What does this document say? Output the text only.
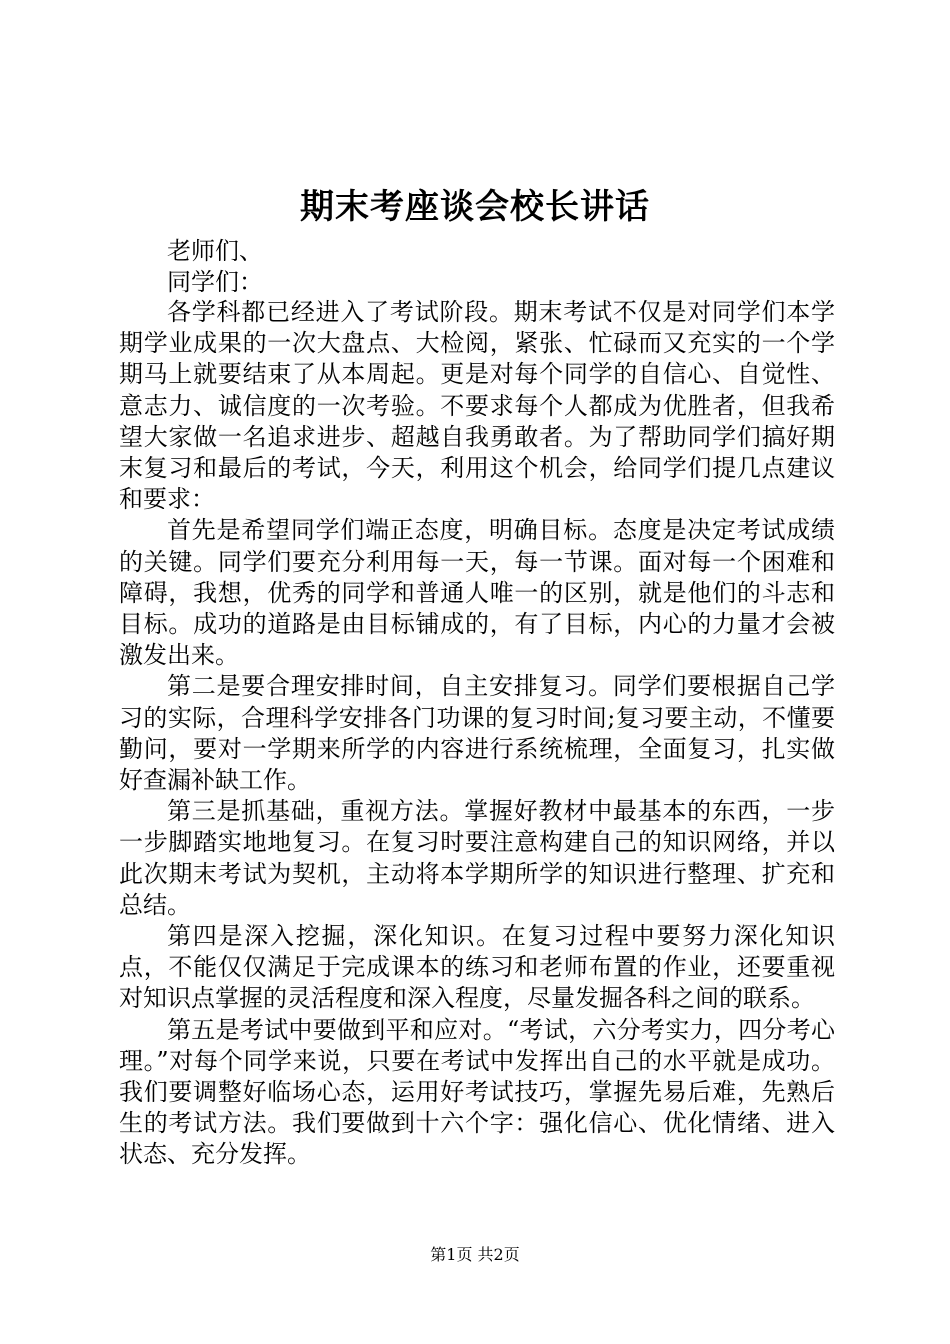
期末考座谈会校长讲话

老师们、

同学们：

各学科都已经进入了考试阶段。期末考试不仅是对同学们本学期学业成果的一次大盘点、大检阅，紧张、忙碌而又充实的一个学期马上就要结束了从本周起。更是对每个同学的自信心、自觉性、意志力、诚信度的一次考验。不要求每个人都成为优胜者，但我希望大家做一名追求进步、超越自我勇敢者。为了帮助同学们搞好期末复习和最后的考试，今天，利用这个机会，给同学们提几点建议和要求：

首先是希望同学们端正态度，明确目标。态度是决定考试成绩的关键。同学们要充分利用每一天，每一节课。面对每一个困难和障碍，我想，优秀的同学和普通人唯一的区别，就是他们的斗志和目标。成功的道路是由目标铺成的，有了目标，内心的力量才会被激发出来。

第二是要合理安排时间，自主安排复习。同学们要根据自己学习的实际，合理科学安排各门功课的复习时间;复习要主动，不懂要勤问，要对一学期来所学的内容进行系统梳理，全面复习，扎实做好查漏补缺工作。

第三是抓基础，重视方法。掌握好教材中最基本的东西，一步一步脚踏实地地复习。在复习时要注意构建自己的知识网络，并以此次期末考试为契机，主动将本学期所学的知识进行整理、扩充和总结。

第四是深入挖掘，深化知识。在复习过程中要努力深化知识点，不能仅仅满足于完成课本的练习和老师布置的作业，还要重视对知识点掌握的灵活程度和深入程度，尽量发掘各科之间的联系。

第五是考试中要做到平和应对。“考试，六分考实力，四分考心理。”对每个同学来说，只要在考试中发挥出自己的水平就是成功。我们要调整好临场心态，运用好考试技巧，掌握先易后难，先熟后生的考试方法。我们要做到十六个字：强化信心、优化情绪、进入状态、充分发挥。

第1页 共2页
